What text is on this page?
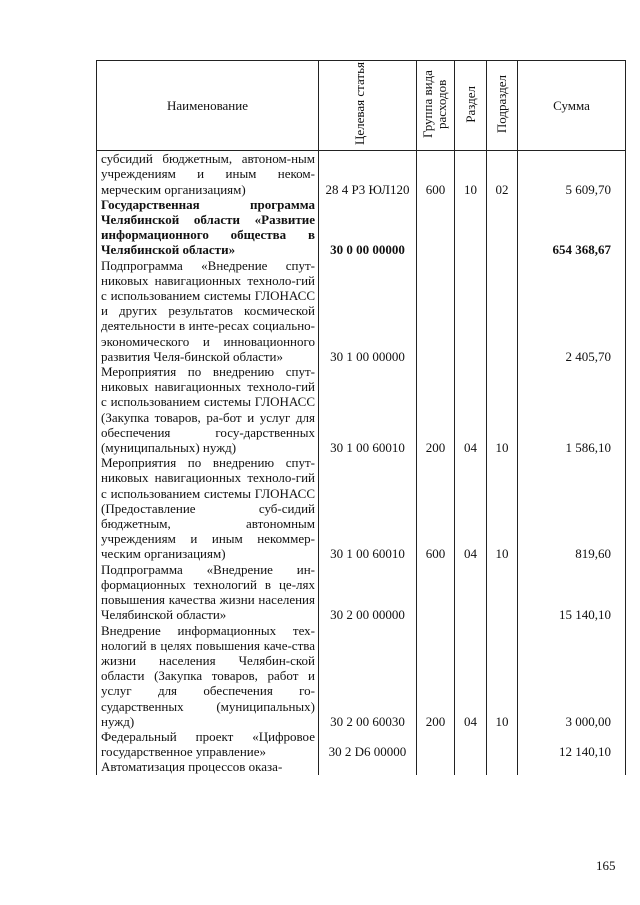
Наименование	Целевая статья	Группа вида расходов	Раздел	Подраздел	Сумма
субсидий бюджетным, автоном-ным учреждениям и иным неком-мерческим организациям)	28 4 Р3 ЮЛ120	600	10	02	5 609,70
Государственная программа Челябинской области «Развитие информационного общества в Челябинской области»	30 0 00 00000				654 368,67
Подпрограмма «Внедрение спут-никовых навигационных техноло-гий с использованием системы ГЛОНАСС и других результатов космической деятельности в инте-ресах социально-экономического и инновационного развития Челя-бинской области»	30 1 00 00000				2 405,70
Мероприятия по внедрению спут-никовых навигационных техноло-гий с использованием системы ГЛОНАСС (Закупка товаров, ра-бот и услуг для обеспечения госу-дарственных (муниципальных) нужд)	30 1 00 60010	200	04	10	1 586,10
Мероприятия по внедрению спут-никовых навигационных техноло-гий с использованием системы ГЛОНАСС (Предоставление суб-сидий бюджетным, автономным учреждениям и иным некоммер-ческим организациям)	30 1 00 60010	600	04	10	819,60
Подпрограмма «Внедрение ин-формационных технологий в це-лях повышения качества жизни населения Челябинской области»	30 2 00 00000				15 140,10
Внедрение информационных тех-нологий в целях повышения каче-ства жизни населения Челябин-ской области (Закупка товаров, работ и услуг для обеспечения го-сударственных (муниципальных) нужд)	30 2 00 60030	200	04	10	3 000,00
Федеральный проект «Цифровое государственное управление»	30 2 D6 00000				12 140,10
Автоматизация процессов оказа-					
165
